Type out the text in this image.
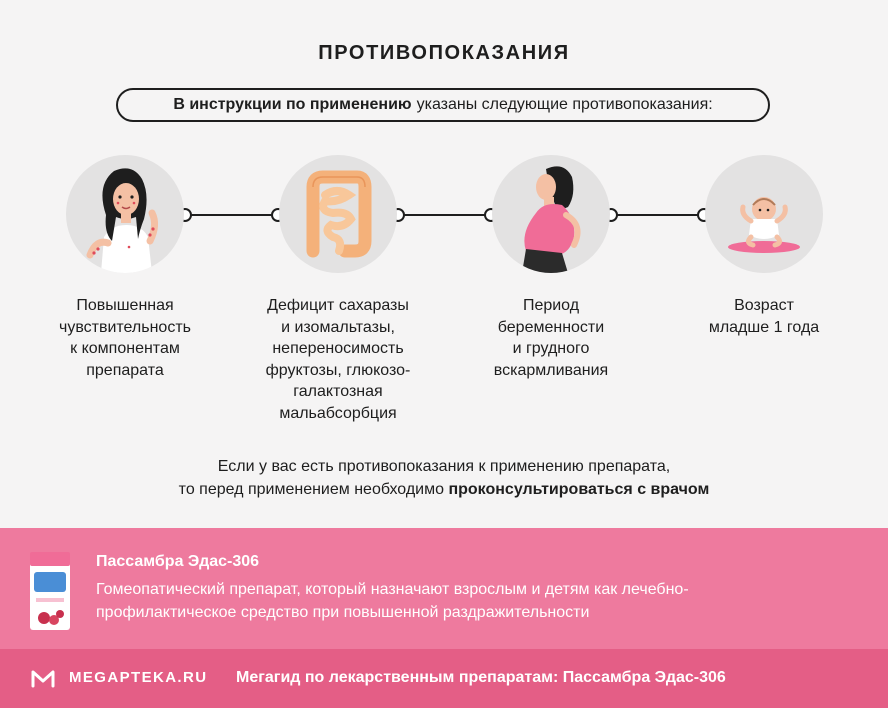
ПРОТИВОПОКАЗАНИЯ
В инструкции по применению указаны следующие противопоказания:
Повышенная
чувствительность
к компонентам
препарата
Дефицит сахаразы
и изомальтазы,
непереносимость
фруктозы, глюкозо-
галактозная
мальабсорбция
Период
беременности
и грудного
вскармливания
Возраст
младше 1 года
Если у вас есть противопоказания к применению препарата,
то перед применением необходимо проконсультироваться с врачом
Пассамбра Эдас-306
Гомеопатический препарат, который назначают взрослым и детям как лечебно-профилактическое средство при повышенной раздражительности
MEGAPTEKA.RU Мегагид по лекарственным препаратам: Пассамбра Эдас-306
